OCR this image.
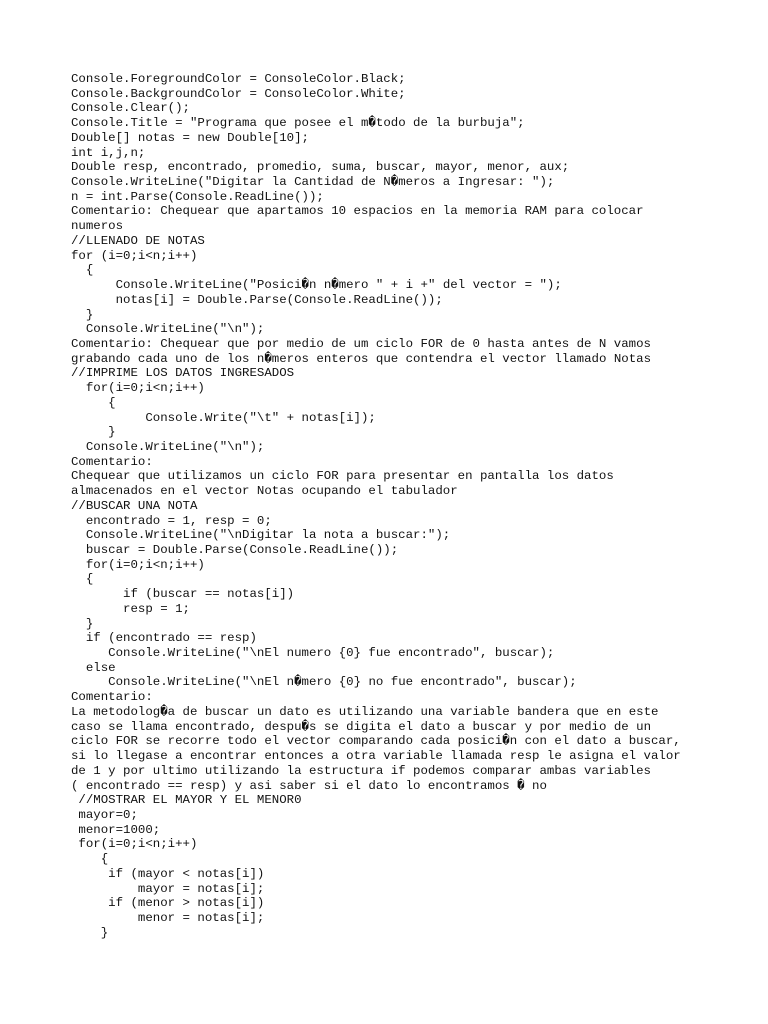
Console.ForegroundColor = ConsoleColor.Black;
Console.BackgroundColor = ConsoleColor.White;
Console.Clear();
Console.Title = "Programa que posee el m�todo de la burbuja";
Double[] notas = new Double[10];
int i,j,n;
Double resp, encontrado, promedio, suma, buscar, mayor, menor, aux;
Console.WriteLine("Digitar la Cantidad de N�meros a Ingresar: ");
n = int.Parse(Console.ReadLine());
Comentario: Chequear que apartamos 10 espacios en la memoria RAM para colocar
numeros
//LLENADO DE NOTAS
for (i=0;i<n;i++)
{
Console.WriteLine("Posici�n n�mero " + i +" del vector = ");
notas[i] = Double.Parse(Console.ReadLine());
}
Console.WriteLine("\n");
Comentario: Chequear que por medio de um ciclo FOR de 0 hasta antes de N vamos
grabando cada uno de los n�meros enteros que contendra el vector llamado Notas
//IMPRIME LOS DATOS INGRESADOS
for(i=0;i<n;i++)
{
Console.Write("\t" + notas[i]);
}
Console.WriteLine("\n");
Comentario:
Chequear que utilizamos un ciclo FOR para presentar en pantalla los datos
almacenados en el vector Notas ocupando el tabulador
//BUSCAR UNA NOTA
encontrado = 1, resp = 0;
Console.WriteLine("\nDigitar la nota a buscar:");
buscar = Double.Parse(Console.ReadLine());
for(i=0;i<n;i++)
{
if (buscar == notas[i])
resp = 1;
}
if (encontrado == resp)
Console.WriteLine("\nEl numero {0} fue encontrado", buscar);
else
Console.WriteLine("\nEl n�mero {0} no fue encontrado", buscar);
Comentario:
La metodolog�a de buscar un dato es utilizando una variable bandera que en este
caso se llama encontrado, despu�s se digita el dato a buscar y por medio de un
ciclo FOR se recorre todo el vector comparando cada posici�n con el dato a buscar,
si lo llegase a encontrar entonces a otra variable llamada resp le asigna el valor
de 1 y por ultimo utilizando la estructura if podemos comparar ambas variables
( encontrado == resp) y asi saber si el dato lo encontramos � no
//MOSTRAR EL MAYOR Y EL MENOR0
mayor=0;
menor=1000;
for(i=0;i<n;i++)
{
if (mayor < notas[i])
mayor = notas[i];
if (menor > notas[i])
menor = notas[i];
}
